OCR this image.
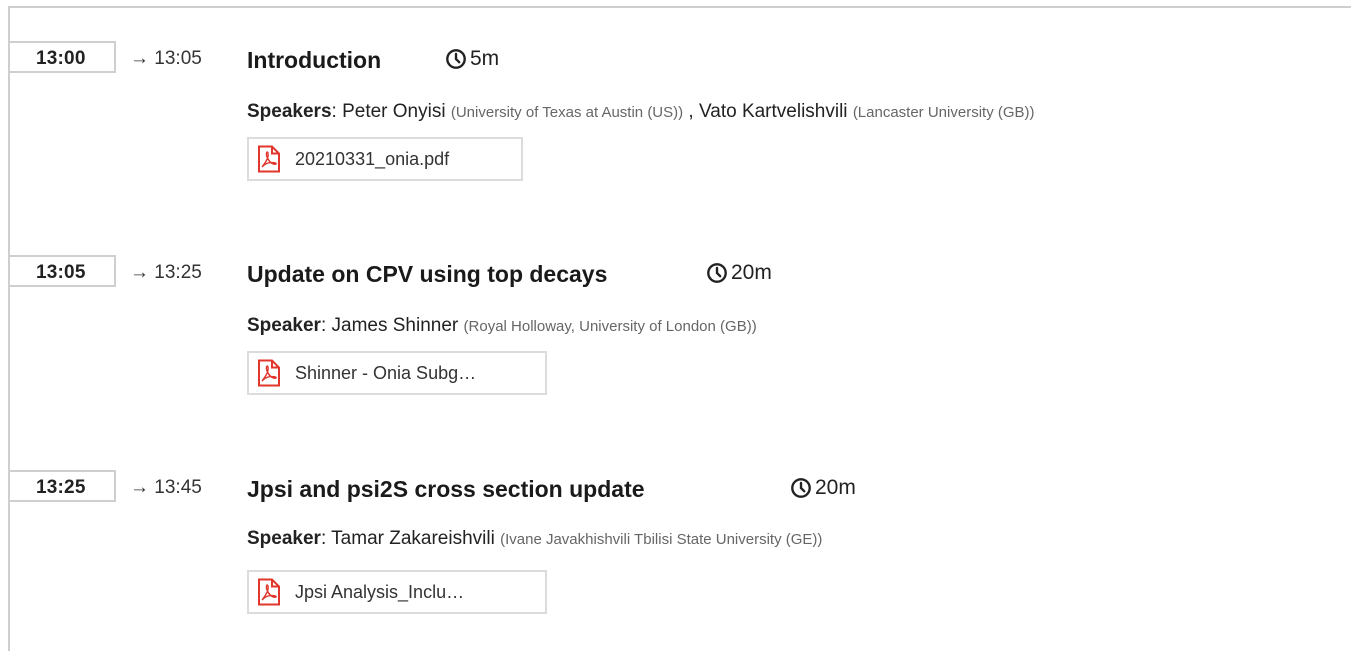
13:00 → 13:05 Introduction	5m
Speakers: Peter Onyisi (University of Texas at Austin (US)) , Vato Kartvelishvili (Lancaster University (GB))
20210331_onia.pdf
13:05 → 13:25 Update on CPV using top decays	20m
Speaker: James Shinner (Royal Holloway, University of London (GB))
Shinner - Onia Subg…
13:25 → 13:45 Jpsi and psi2S cross section update	20m
Speaker: Tamar Zakareishvili (Ivane Javakhishvili Tbilisi State University (GE))
Jpsi Analysis_Inclu…
